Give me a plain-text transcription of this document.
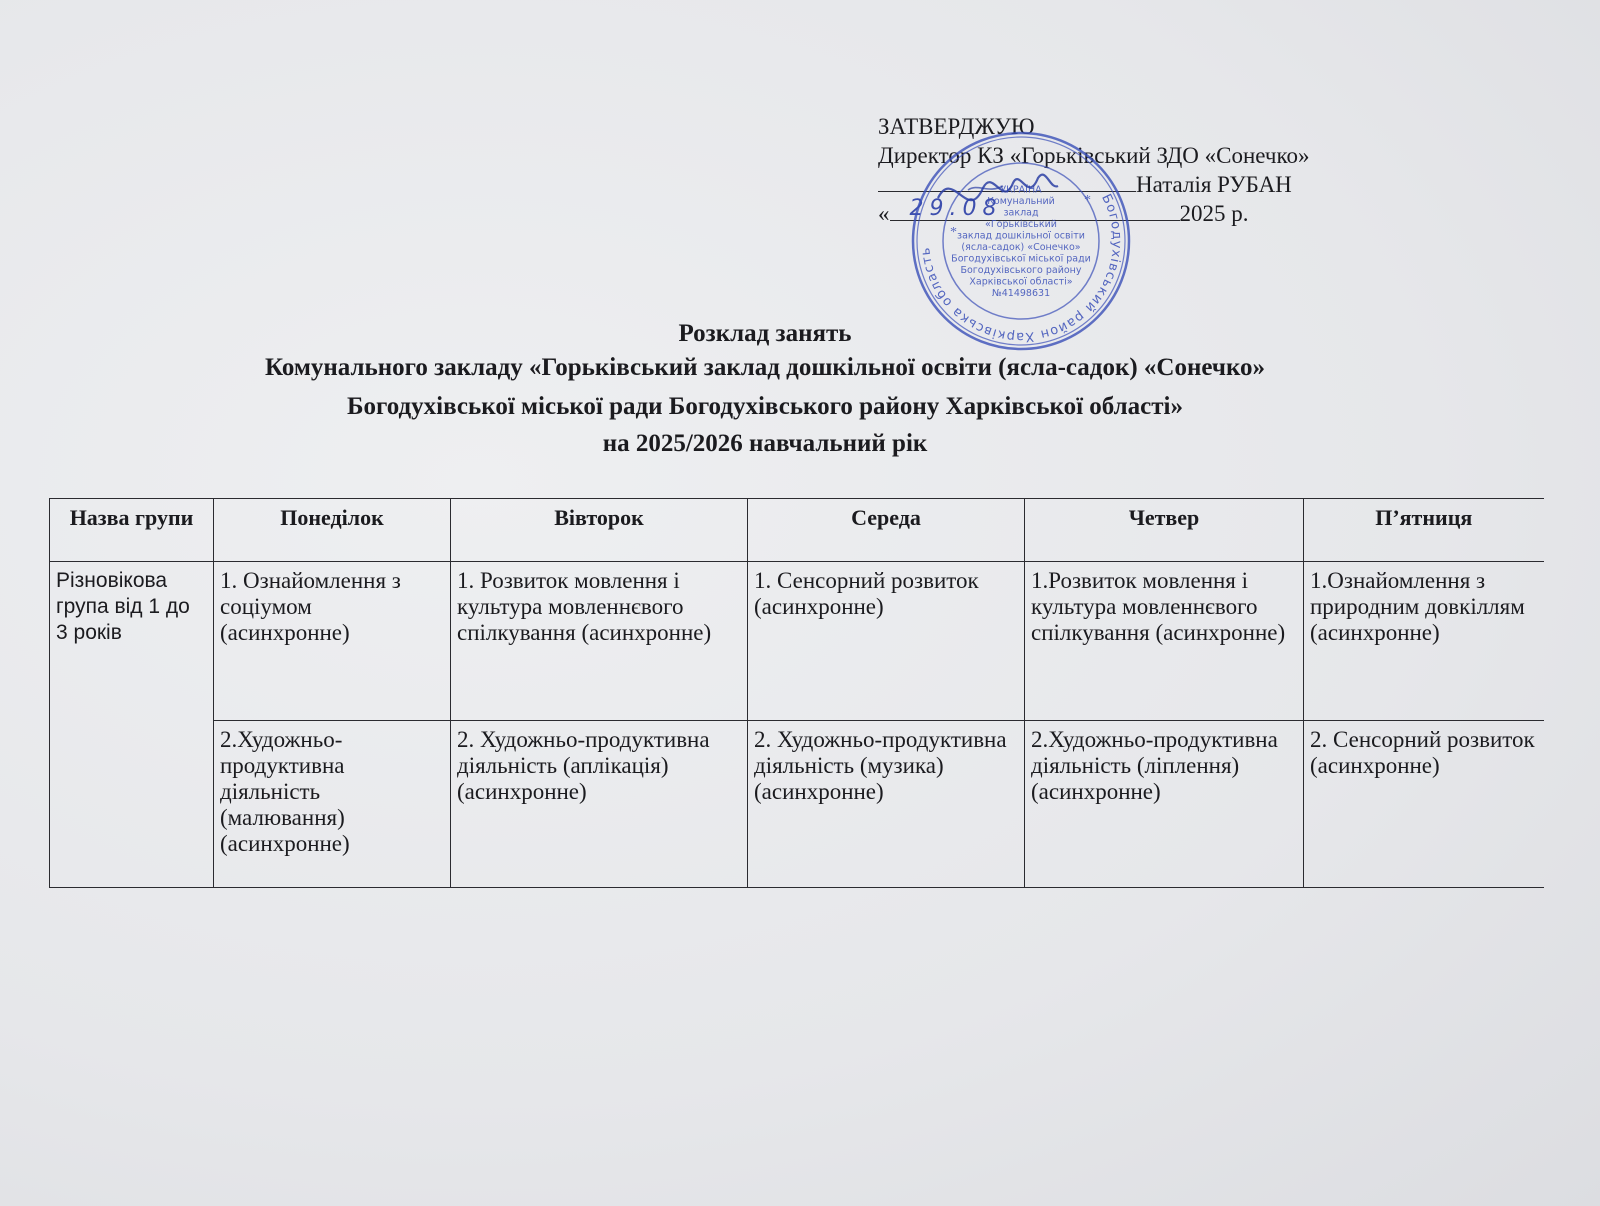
ЗАТВЕРДЖУЮ
Директор КЗ «Горьківський ЗДО «Сонечко»
Наталія РУБАН
« 29.08	2025 р.
Богодухівський район Харківська область
*
*
УКРАЇНА
Комунальний
заклад
«Горьківський
заклад дошкільної освіти
(ясла-садок) «Сонечко»
Богодухівської міської ради
Богодухівського району
Харківської області»
№41498631
Розклад занять
Комунального закладу «Горьківський заклад дошкільної освіти (ясла-садок) «Сонечко»
Богодухівської міської ради Богодухівського району Харківської області»
на 2025/2026 навчальний рік
Назва групи	Понеділок	Вівторок	Середа	Четвер	П’ятниця
Різновікова група від 1 до 3 років	1. Ознайомлення з соціумом (асинхронне)	1. Розвиток мовлення і культура мовленнєвого спілкування (асинхронне)	1. Сенсорний розвиток (асинхронне)	1.Розвиток мовлення і культура мовленнєвого спілкування (асинхронне)	1.Ознайомлення з природним довкіллям (асинхронне)
	2.Художньо-продуктивна діяльність (малювання) (асинхронне)	2. Художньо-продуктивна діяльність (аплікація) (асинхронне)	2. Художньо-продуктивна діяльність (музика) (асинхронне)	2.Художньо-продуктивна діяльність (ліплення) (асинхронне)	2. Сенсорний розвиток (асинхронне)
